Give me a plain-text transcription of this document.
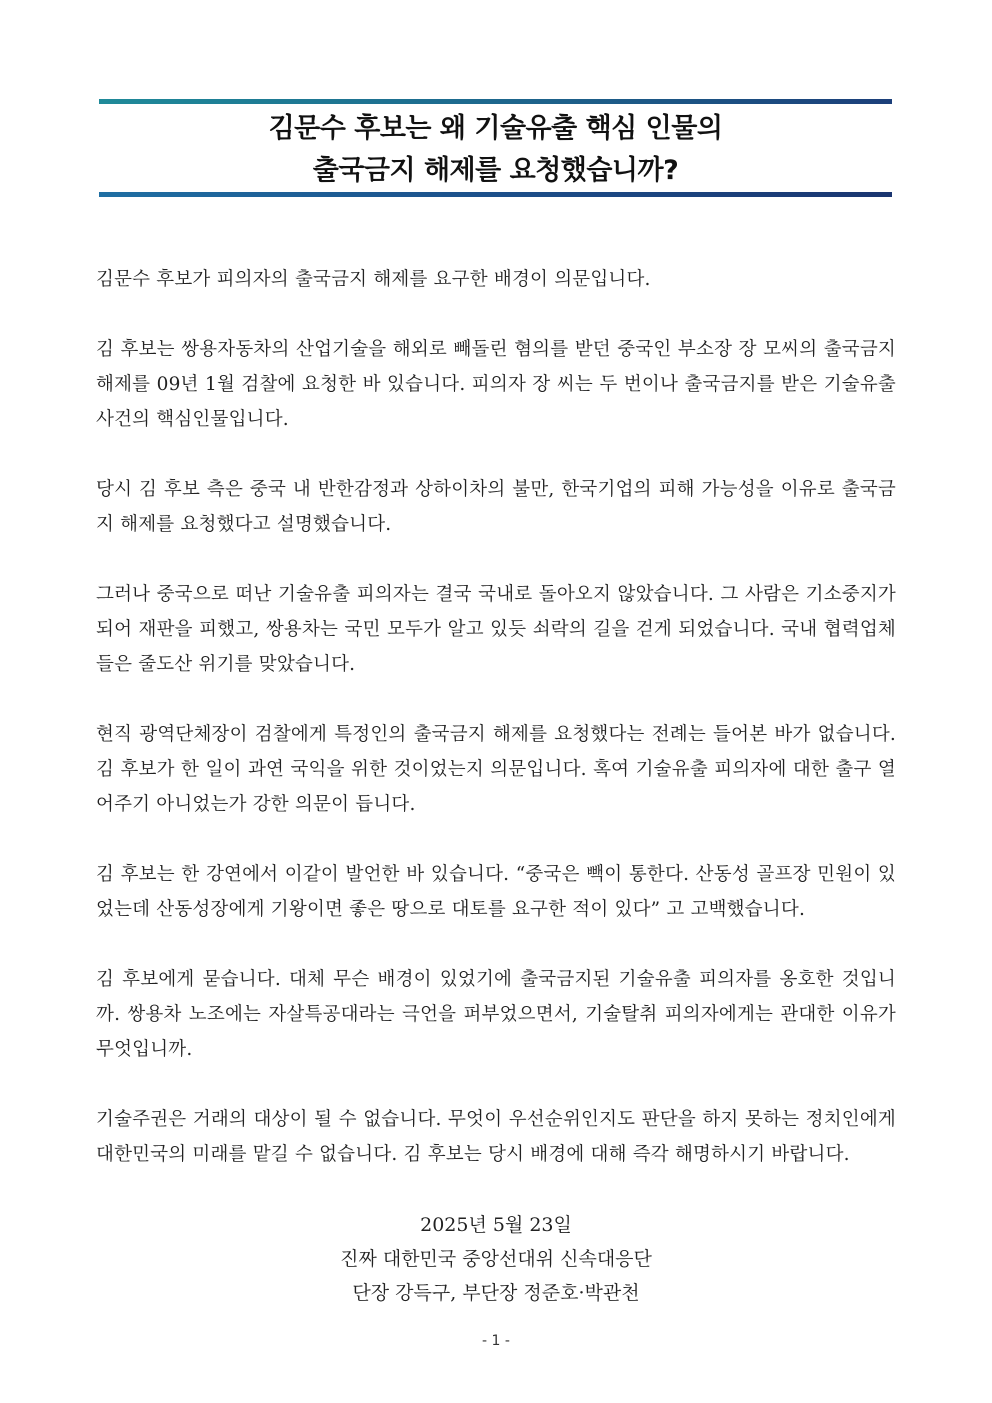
김문수 후보는 왜 기술유출 핵심 인물의
출국금지 해제를 요청했습니까?

김문수 후보가 피의자의 출국금지 해제를 요구한 배경이 의문입니다.

김 후보는 쌍용자동차의 산업기술을 해외로 빼돌린 혐의를 받던 중국인 부소장 장 모씨의 출국금지 해제를 09년 1월 검찰에 요청한 바 있습니다. 피의자 장 씨는 두 번이나 출국금지를 받은 기술유출 사건의 핵심인물입니다.

당시 김 후보 측은 중국 내 반한감정과 상하이차의 불만, 한국기업의 피해 가능성을 이유로 출국금지 해제를 요청했다고 설명했습니다.

그러나 중국으로 떠난 기술유출 피의자는 결국 국내로 돌아오지 않았습니다. 그 사람은 기소중지가 되어 재판을 피했고, 쌍용차는 국민 모두가 알고 있듯 쇠락의 길을 걷게 되었습니다. 국내 협력업체들은 줄도산 위기를 맞았습니다.

현직 광역단체장이 검찰에게 특정인의 출국금지 해제를 요청했다는 전례는 들어본 바가 없습니다. 김 후보가 한 일이 과연 국익을 위한 것이었는지 의문입니다. 혹여 기술유출 피의자에 대한 출구 열어주기 아니었는가 강한 의문이 듭니다.

김 후보는 한 강연에서 이같이 발언한 바 있습니다. “중국은 빽이 통한다. 산동성 골프장 민원이 있었는데 산동성장에게 기왕이면 좋은 땅으로 대토를 요구한 적이 있다” 고 고백했습니다.

김 후보에게 묻습니다. 대체 무슨 배경이 있었기에 출국금지된 기술유출 피의자를 옹호한 것입니까. 쌍용차 노조에는 자살특공대라는 극언을 퍼부었으면서, 기술탈취 피의자에게는 관대한 이유가 무엇입니까.

기술주권은 거래의 대상이 될 수 없습니다. 무엇이 우선순위인지도 판단을 하지 못하는 정치인에게 대한민국의 미래를 맡길 수 없습니다. 김 후보는 당시 배경에 대해 즉각 해명하시기 바랍니다.

2025년 5월 23일
진짜 대한민국 중앙선대위 신속대응단
단장 강득구, 부단장 정준호·박관천
- 1 -
